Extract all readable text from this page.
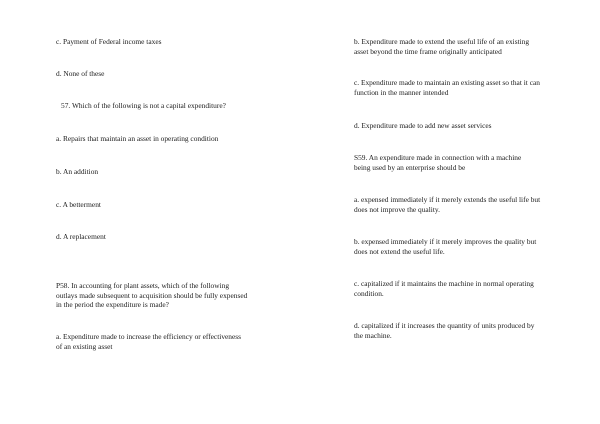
c. Payment of Federal income taxes
d. None of these
57. Which of the following is not a capital expenditure?
a. Repairs that maintain an asset in operating condition
b. An addition
c. A betterment
d. A replacement
P58. In accounting for plant assets, which of the following
outlays made subsequent to acquisition should be fully expensed
in the period the expenditure is made?
a. Expenditure made to increase the efficiency or effectiveness
of an existing asset
b. Expenditure made to extend the useful life of an existing
asset beyond the time frame originally anticipated
c. Expenditure made to maintain an existing asset so that it can
function in the manner intended
d. Expenditure made to add new asset services
S59. An expenditure made in connection with a machine
being used by an enterprise should be
a. expensed immediately if it merely extends the useful life but
does not improve the quality.
b. expensed immediately if it merely improves the quality but
does not extend the useful life.
c. capitalized if it maintains the machine in normal operating
condition.
d. capitalized if it increases the quantity of units produced by
the machine.
